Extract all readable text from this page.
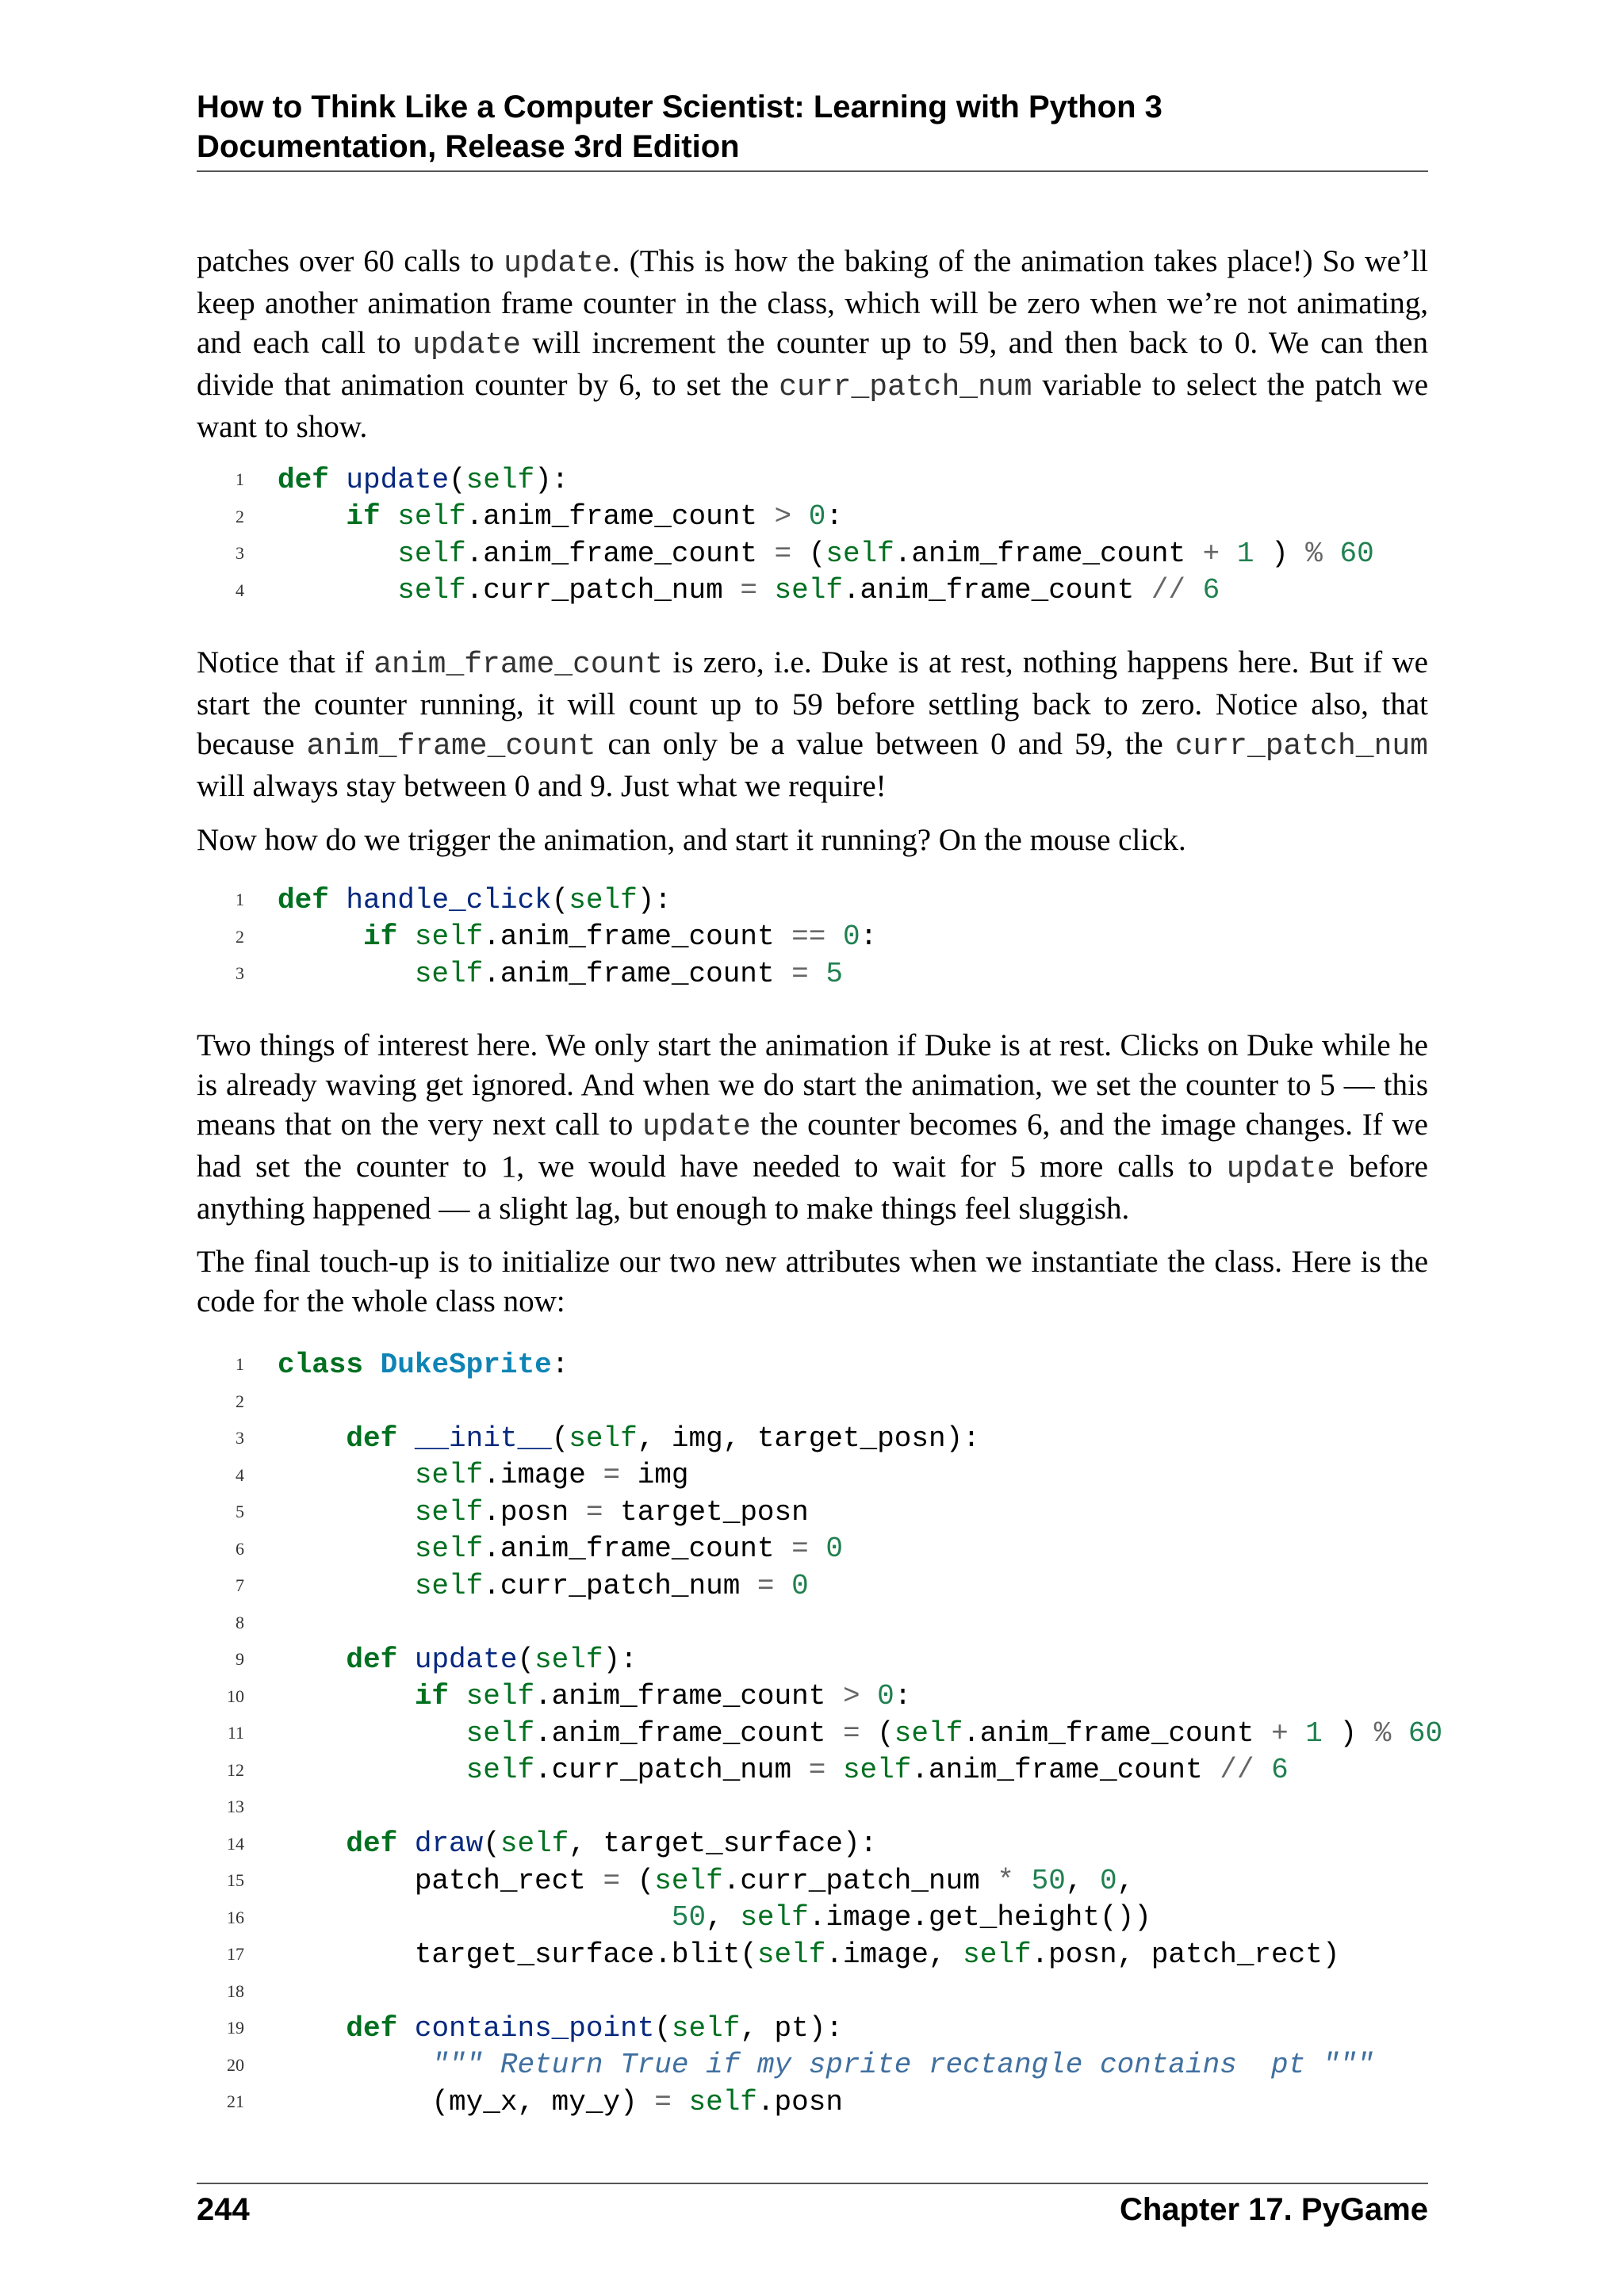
How to Think Like a Computer Scientist: Learning with Python 3
Documentation, Release 3rd Edition

patches over 60 calls to update. (This is how the baking of the animation takes place!) So we’ll keep another animation frame counter in the class, which will be zero when we’re not animating, and each call to update will increment the counter up to 59, and then back to 0. We can then divide that animation counter by 6, to set the curr_patch_num variable to select the patch we want to show.

1	def update(self):
2	if self.anim_frame_count > 0:
3	self.anim_frame_count = (self.anim_frame_count + 1 ) % 60
4	self.curr_patch_num = self.anim_frame_count // 6

Notice that if anim_frame_count is zero, i.e. Duke is at rest, nothing happens here. But if we start the counter running, it will count up to 59 before settling back to zero. Notice also, that because anim_frame_count can only be a value between 0 and 59, the curr_patch_num will always stay between 0 and 9. Just what we require!

Now how do we trigger the animation, and start it running? On the mouse click.

1	def handle_click(self):
2	if self.anim_frame_count == 0:
3	self.anim_frame_count = 5

Two things of interest here. We only start the animation if Duke is at rest. Clicks on Duke while he is already waving get ignored. And when we do start the animation, we set the counter to 5 — this means that on the very next call to update the counter becomes 6, and the image changes. If we had set the counter to 1, we would have needed to wait for 5 more calls to update before anything happened — a slight lag, but enough to make things feel sluggish.

The final touch-up is to initialize our two new attributes when we instantiate the class. Here is the code for the whole class now:

1	class DukeSprite:
2
3	def __init__(self, img, target_posn):
4	self.image = img
5	self.posn = target_posn
6	self.anim_frame_count = 0
7	self.curr_patch_num = 0
8
9	def update(self):
10	if self.anim_frame_count > 0:
11	self.anim_frame_count = (self.anim_frame_count + 1 ) % 60
12	self.curr_patch_num = self.anim_frame_count // 6
13
14	def draw(self, target_surface):
15	patch_rect = (self.curr_patch_num * 50, 0,
16	50, self.image.get_height())
17	target_surface.blit(self.image, self.posn, patch_rect)
18
19	def contains_point(self, pt):
20	""" Return True if my sprite rectangle contains  pt """
21	(my_x, my_y) = self.posn
244	Chapter 17. PyGame
